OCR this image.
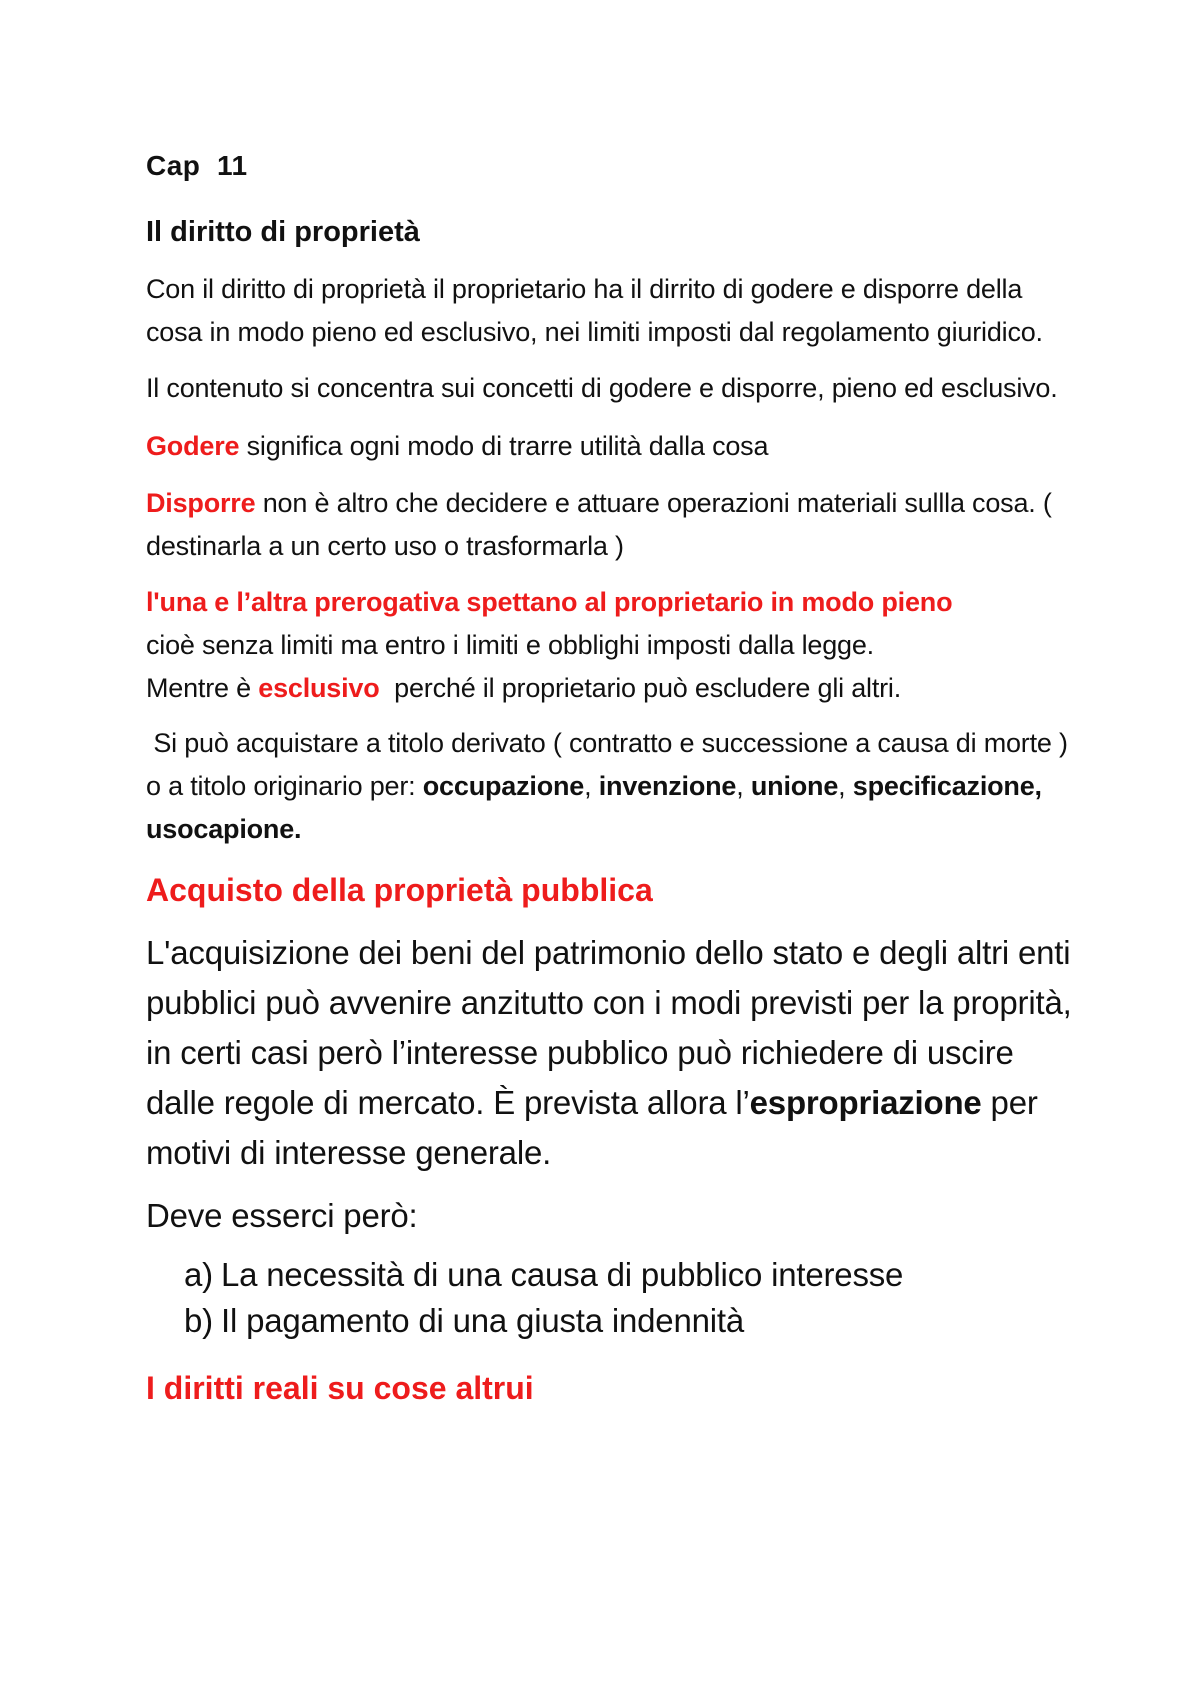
Cap  11

Il diritto di proprietà

Con il diritto di proprietà il proprietario ha il dirrito di godere e disporre della cosa in modo pieno ed esclusivo, nei limiti imposti dal regolamento giuridico.

Il contenuto si concentra sui concetti di godere e disporre, pieno ed esclusivo.

Godere significa ogni modo di trarre utilità dalla cosa

Disporre non è altro che decidere e attuare operazioni materiali sullla cosa. ( destinarla a un certo uso o trasformarla )

l'una e l’altra prerogativa spettano al proprietario in modo pieno
cioè senza limiti ma entro i limiti e obblighi imposti dalla legge.
Mentre è esclusivo  perché il proprietario può escludere gli altri.

Si può acquistare a titolo derivato ( contratto e successione a causa di morte ) o a titolo originario per: occupazione, invenzione, unione, specificazione, usocapione.

Acquisto della proprietà pubblica

L'acquisizione dei beni del patrimonio dello stato e degli altri enti pubblici può avvenire anzitutto con i modi previsti per la proprità, in certi casi però l’interesse pubblico può richiedere di uscire dalle regole di mercato. È prevista allora l’espropriazione per motivi di interesse generale.

Deve esserci però:

a) La necessità di una causa di pubblico interesse
b) Il pagamento di una giusta indennità

I diritti reali su cose altrui
